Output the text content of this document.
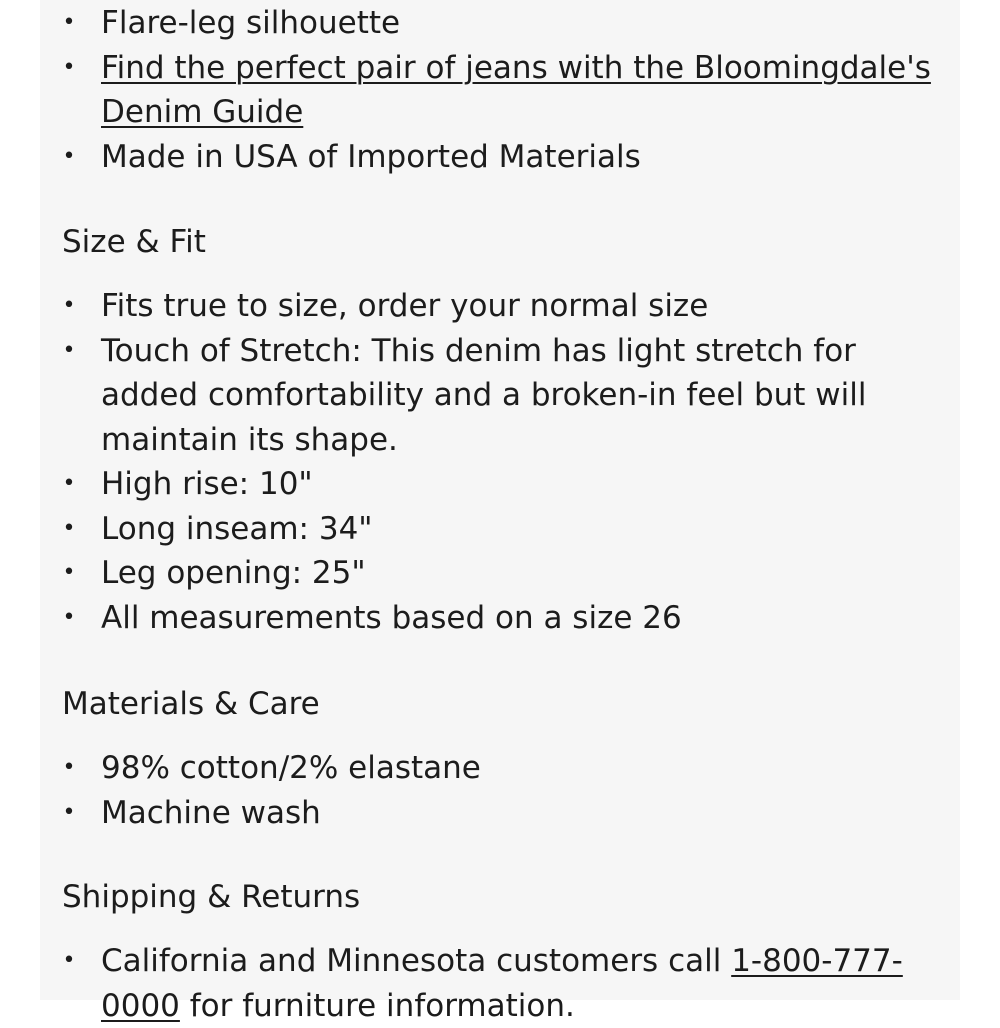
• Flare-leg silhouette
• Find the perfect pair of jeans with the Bloomingdale's Denim Guide
• Made in USA of Imported Materials
Size & Fit
• Fits true to size, order your normal size
• Touch of Stretch: This denim has light stretch for added comfortability and a broken-in feel but will maintain its shape.
• High rise: 10"
• Long inseam: 34"
• Leg opening: 25"
• All measurements based on a size 26
Materials & Care
• 98% cotton/2% elastane
• Machine wash
Shipping & Returns
• California and Minnesota customers call 1-800-777-0000 for furniture information.
